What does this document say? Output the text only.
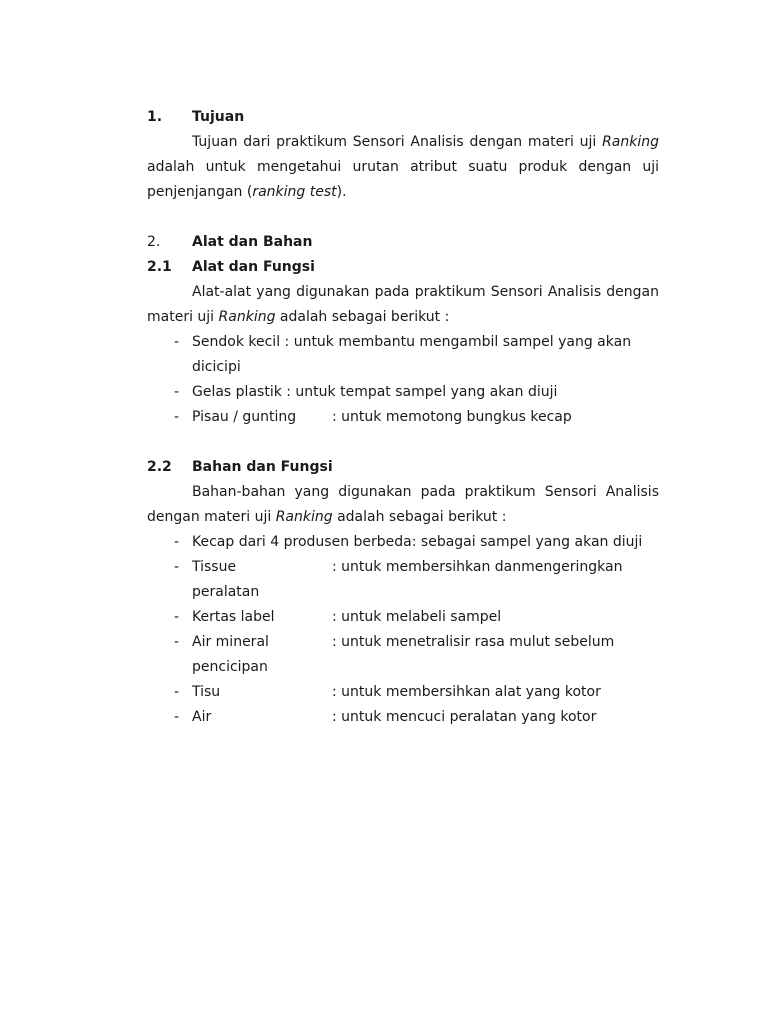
1. Tujuan
Tujuan dari praktikum Sensori Analisis dengan materi uji Ranking
adalah untuk mengetahui urutan atribut suatu produk dengan uji
penjenjangan (ranking test).
2. Alat dan Bahan
2.1 Alat dan Fungsi
Alat-alat yang digunakan pada praktikum Sensori Analisis dengan
materi uji Ranking adalah sebagai berikut :
- Sendok kecil : untuk membantu mengambil sampel yang akan
dicicipi
- Gelas plastik : untuk tempat sampel yang akan diuji
- Pisau / gunting	: untuk memotong bungkus kecap
2.2 Bahan dan Fungsi
Bahan-bahan yang digunakan pada praktikum Sensori Analisis
dengan materi uji Ranking adalah sebagai berikut :
- Kecap dari 4 produsen berbeda: sebagai sampel yang akan diuji
- Tissue	: untuk membersihkan danmengeringkan
peralatan
- Kertas label	: untuk melabeli sampel
- Air mineral	: untuk menetralisir rasa mulut sebelum
pencicipan
- Tisu	: untuk membersihkan alat yang kotor
- Air	: untuk mencuci peralatan yang kotor
